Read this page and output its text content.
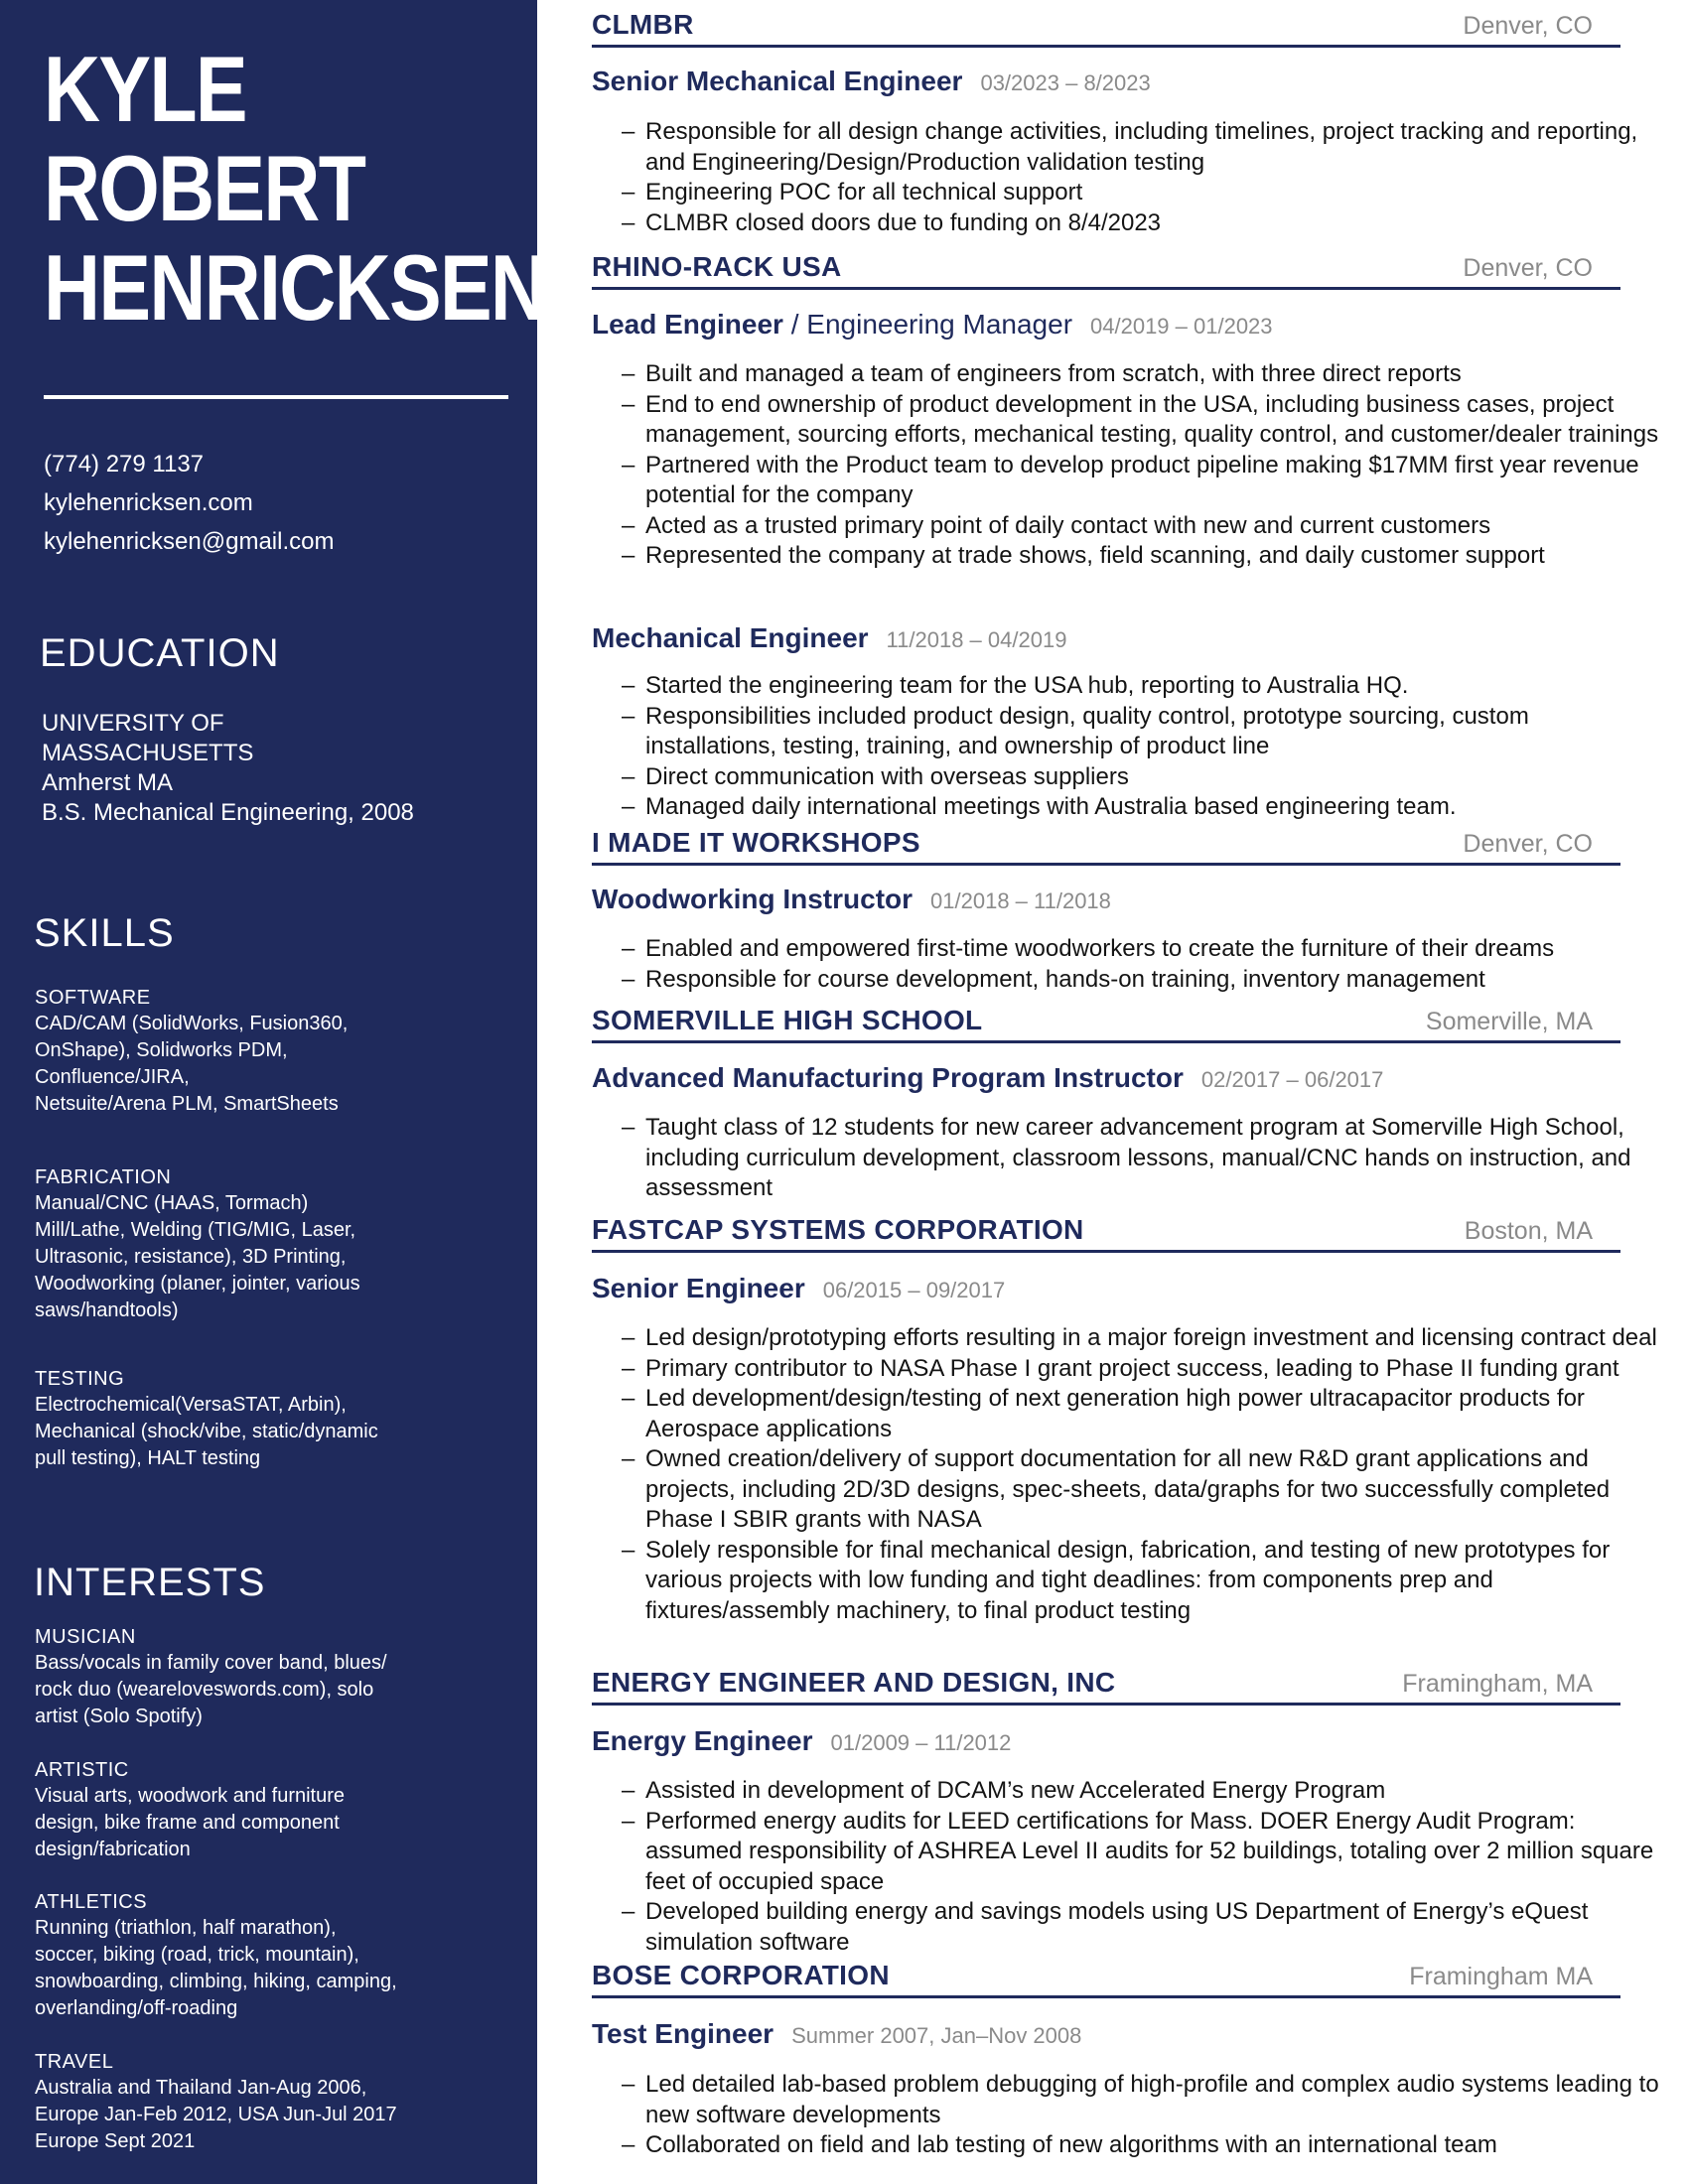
KYLE
ROBERT
HENRICKSEN
(774) 279 1137
kylehenricksen.com
kylehenricksen@gmail.com
EDUCATION
UNIVERSITY OF
MASSACHUSETTS
Amherst MA
B.S. Mechanical Engineering, 2008
SKILLS
SOFTWARE
CAD/CAM (SolidWorks, Fusion360,
OnShape), Solidworks PDM,
Confluence/JIRA,
Netsuite/Arena PLM, SmartSheets
FABRICATION
Manual/CNC (HAAS, Tormach)
Mill/Lathe, Welding (TIG/MIG, Laser,
Ultrasonic, resistance), 3D Printing,
Woodworking (planer, jointer, various
saws/handtools)
TESTING
Electrochemical(VersaSTAT, Arbin),
Mechanical (shock/vibe, static/dynamic
pull testing), HALT testing
INTERESTS
MUSICIAN
Bass/vocals in family cover band, blues/
rock duo (weareloveswords.com), solo
artist (Solo Spotify)
ARTISTIC
Visual arts, woodwork and furniture
design, bike frame and component
design/fabrication
ATHLETICS
Running (triathlon, half marathon),
soccer, biking (road, trick, mountain),
snowboarding, climbing, hiking, camping,
overlanding/off-roading
TRAVEL
Australia and Thailand Jan-Aug 2006,
Europe Jan-Feb 2012, USA Jun-Jul 2017
Europe Sept 2021
CLMBR	Denver, CO
Senior Mechanical Engineer 03/2023 – 8/2023
– Responsible for all design change activities, including timelines, project tracking and reporting, and Engineering/Design/Production validation testing
– Engineering POC for all technical support
– CLMBR closed doors due to funding on 8/4/2023
RHINO-RACK USA	Denver, CO
Lead Engineer / Engineering Manager 04/2019 – 01/2023
– Built and managed a team of engineers from scratch, with three direct reports
– End to end ownership of product development in the USA, including business cases, project management, sourcing efforts, mechanical testing, quality control, and customer/dealer trainings
– Partnered with the Product team to develop product pipeline making $17MM first year revenue potential for the company
– Acted as a trusted primary point of daily contact with new and current customers
– Represented the company at trade shows, field scanning, and daily customer support
Mechanical Engineer 11/2018 – 04/2019
– Started the engineering team for the USA hub, reporting to Australia HQ.
– Responsibilities included product design, quality control, prototype sourcing, custom installations, testing, training, and ownership of product line
– Direct communication with overseas suppliers
– Managed daily international meetings with Australia based engineering team.
I MADE IT WORKSHOPS	Denver, CO
Woodworking Instructor 01/2018 – 11/2018
– Enabled and empowered first-time woodworkers to create the furniture of their dreams
– Responsible for course development, hands-on training, inventory management
SOMERVILLE HIGH SCHOOL	Somerville, MA
Advanced Manufacturing Program Instructor 02/2017 – 06/2017
– Taught class of 12 students for new career advancement program at Somerville High School, including curriculum development, classroom lessons, manual/CNC hands on instruction, and assessment
FASTCAP SYSTEMS CORPORATION	Boston, MA
Senior Engineer 06/2015 – 09/2017
– Led design/prototyping efforts resulting in a major foreign investment and licensing contract deal
– Primary contributor to NASA Phase I grant project success, leading to Phase II funding grant
– Led development/design/testing of next generation high power ultracapacitor products for Aerospace applications
– Owned creation/delivery of support documentation for all new R&D grant applications and projects, including 2D/3D designs, spec-sheets, data/graphs for two successfully completed Phase I SBIR grants with NASA
– Solely responsible for final mechanical design, fabrication, and testing of new prototypes for various projects with low funding and tight deadlines: from components prep and fixtures/assembly machinery, to final product testing
ENERGY ENGINEER AND DESIGN, INC	Framingham, MA
Energy Engineer 01/2009 – 11/2012
– Assisted in development of DCAM’s new Accelerated Energy Program
– Performed energy audits for LEED certifications for Mass. DOER Energy Audit Program: assumed responsibility of ASHREA Level II audits for 52 buildings, totaling over 2 million square feet of occupied space
– Developed building energy and savings models using US Department of Energy’s eQuest simulation software
BOSE CORPORATION	Framingham MA
Test Engineer Summer 2007, Jan–Nov 2008
– Led detailed lab-based problem debugging of high-profile and complex audio systems leading to new software developments
– Collaborated on field and lab testing of new algorithms with an international team
